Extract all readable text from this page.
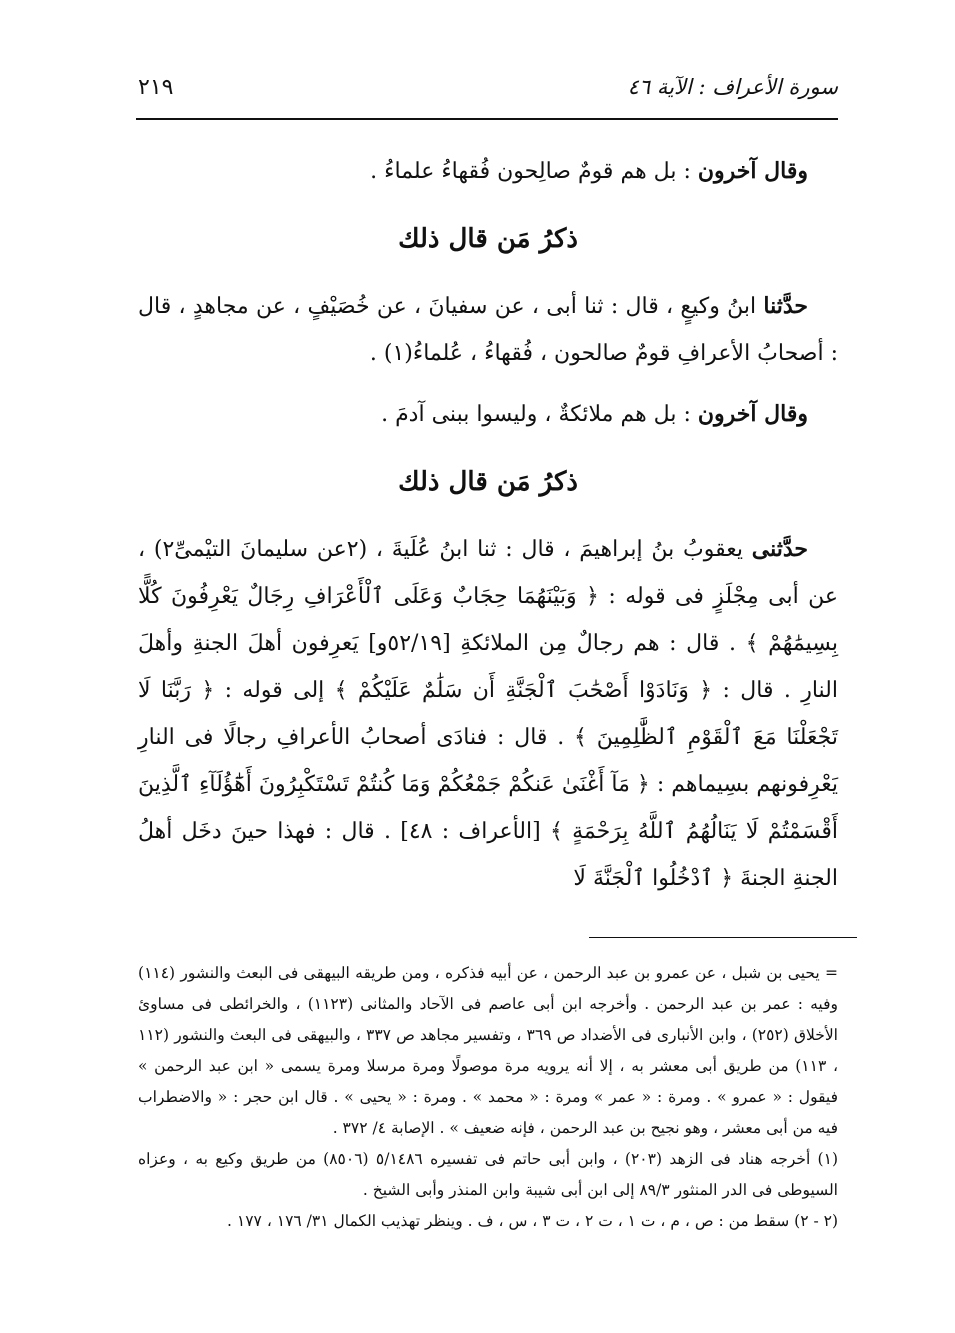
سورة الأعراف : الآية ٤٦
٢١٩

وقال آخرون : بل هم قومٌ صالِحون فُقهاءُ علماءُ .

ذكرُ مَن قال ذلك

حدَّثنا ابنُ وكيعٍ ، قال : ثنا أبى ، عن سفيانَ ، عن خُصَيْفٍ ، عن مجاهدٍ ، قال : أصحابُ الأعرافِ قومٌ صالحون ، فُقهاءُ ، عُلماءُ(١) .

وقال آخرون : بل هم ملائكةٌ ، وليسوا ببنى آدمَ .

ذكرُ مَن قال ذلك

حدَّثنى يعقوبُ بنُ إبراهيمَ ، قال : ثنا ابنُ عُلَيةَ ، (٢عن سليمانَ التيْمىِّ٢) ، عن أبى مِجْلَزٍ فى قوله : ﴿ وَبَيْنَهُمَا حِجَابٌ وَعَلَى ٱلْأَعْرَافِ رِجَالٌ يَعْرِفُونَ كُلًّا بِسِيمَٰهُمْ ﴾ . قال : هم رجالٌ مِن الملائكةِ [٥٢/١٩و] يَعرِفون أهلَ الجنةِ وأهلَ النارِ . قال : ﴿ وَنَادَوْا أَصْحَٰبَ ٱلْجَنَّةِ أَن سَلَٰمٌ عَلَيْكُمْ ﴾ إلى قوله : ﴿ رَبَّنَا لَا تَجْعَلْنَا مَعَ ٱلْقَوْمِ ٱلظَّٰلِمِينَ ﴾ . قال : فنادَى أصحابُ الأعرافِ رجالًا فى النارِ يَعْرِفونهم بسِيماهم : ﴿ مَآ أَغْنَىٰ عَنكُمْ جَمْعُكُمْ وَمَا كُنتُمْ تَسْتَكْبِرُونَ أَهَٰٓؤُلَآءِ ٱلَّذِينَ أَقْسَمْتُمْ لَا يَنَالُهُمُ ٱللَّهُ بِرَحْمَةٍ ﴾ [الأعراف : ٤٨] . قال : فهذا حينَ دخَل أهلُ الجنةِ الجنةَ ﴿ ٱدْخُلُوا ٱلْجَنَّةَ لَا

= يحيى بن شبل ، عن عمرو بن عبد الرحمن ، عن أبيه فذكره ، ومن طريقه البيهقى فى البعث والنشور (١١٤) وفيه : عمر بن عبد الرحمن . وأخرجه ابن أبى عاصم فى الآحاد والمثانى (١١٢٣) ، والخرائطى فى مساوئ الأخلاق (٢٥٢) ، وابن الأنبارى فى الأضداد ص ٣٦٩ ، وتفسير مجاهد ص ٣٣٧ ، والبيهقى فى البعث والنشور (١١٢ ، ١١٣) من طريق أبى معشر به ، إلا أنه يرويه مرة موصولًا ومرة مرسلا ومرة يسمى « ابن عبد الرحمن » فيقول : « عمرو » . ومرة : « عمر » ومرة : « محمد » . ومرة : « يحيى » . قال ابن حجر : « والاضطراب فيه من أبى معشر ، وهو نجيح بن عبد الرحمن ، فإنه ضعيف » . الإصابة ٤/ ٣٧٢ .

(١) أخرجه هناد فى الزهد (٢٠٣) ، وابن أبى حاتم فى تفسيره ٥/١٤٨٦ (٨٥٠٦) من طريق وكيع به ، وعزاه السيوطى فى الدر المنثور ٨٩/٣ إلى ابن أبى شيبة وابن المنذر وأبى الشيخ .

(٢ - ٢) سقط من : ص ، م ، ت ١ ، ت ٢ ، ت ٣ ، س ، ف . وينظر تهذيب الكمال ٣١/ ١٧٦ ، ١٧٧ .
